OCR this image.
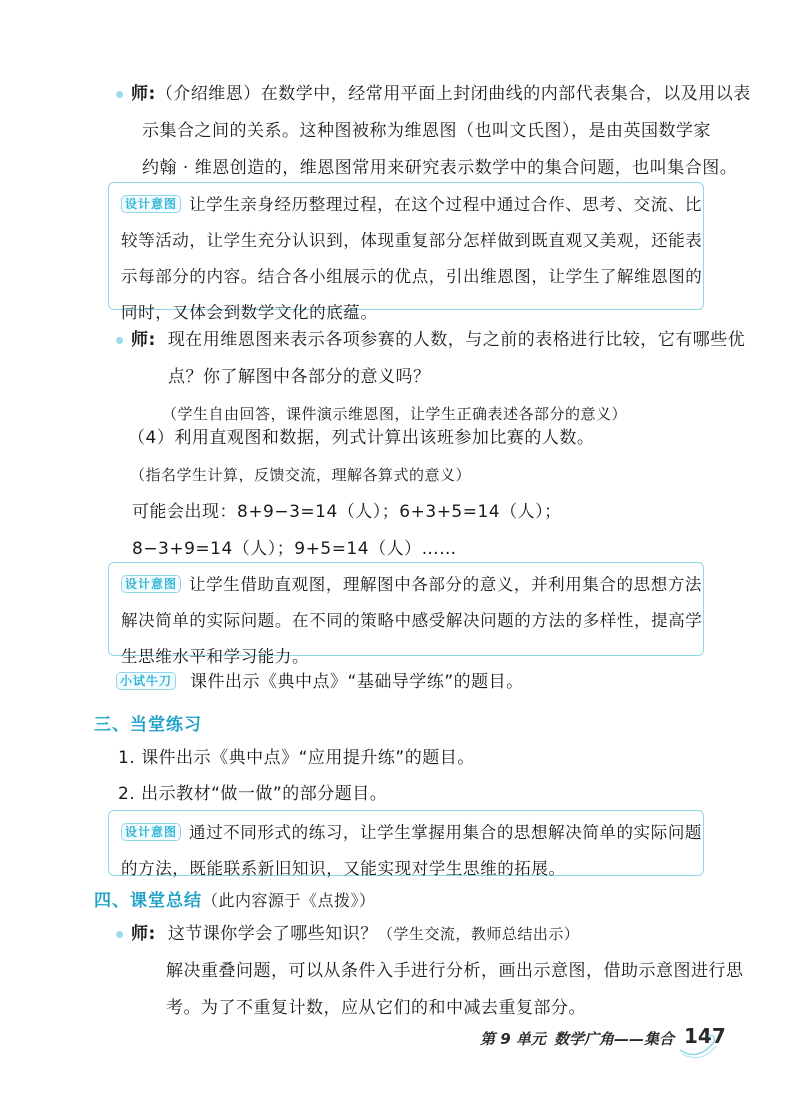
师: （介绍维恩）在数学中，经常用平面上封闭曲线的内部代表集合，以及用以表
示集合之间的关系。这种图被称为维恩图（也叫文氏图），是由英国数学家
约翰 · 维恩创造的，维恩图常用来研究表示数学中的集合问题，也叫集合图。
设计意图 让学生亲身经历整理过程，在这个过程中通过合作、思考、交流、比
较等活动，让学生充分认识到，体现重复部分怎样做到既直观又美观，还能表
示每部分的内容。结合各小组展示的优点，引出维恩图，让学生了解维恩图的
同时，又体会到数学文化的底蕴。
师: 现在用维恩图来表示各项参赛的人数，与之前的表格进行比较，它有哪些优
点？你了解图中各部分的意义吗？
（学生自由回答，课件演示维恩图，让学生正确表述各部分的意义）
（4）利用直观图和数据，列式计算出该班参加比赛的人数。
（指名学生计算，反馈交流，理解各算式的意义）
可能会出现：8+9−3=14（人）；6+3+5=14（人）；
8−3+9=14（人）；9+5=14（人）……
设计意图 让学生借助直观图，理解图中各部分的意义，并利用集合的思想方法
解决简单的实际问题。在不同的策略中感受解决问题的方法的多样性，提高学
生思维水平和学习能力。
小试牛刀 课件出示《典中点》“基础导学练”的题目。
三、当堂练习
1. 课件出示《典中点》“应用提升练”的题目。
2. 出示教材“做一做”的部分题目。
设计意图 通过不同形式的练习，让学生掌握用集合的思想解决简单的实际问题
的方法，既能联系新旧知识，又能实现对学生思维的拓展。
四、课堂总结（此内容源于《点拨》）
师: 这节课你学会了哪些知识？ （学生交流，教师总结出示）
解决重叠问题，可以从条件入手进行分析，画出示意图，借助示意图进行思
考。为了不重复计数，应从它们的和中减去重复部分。
第 9 单元 数学广角——集合 147
